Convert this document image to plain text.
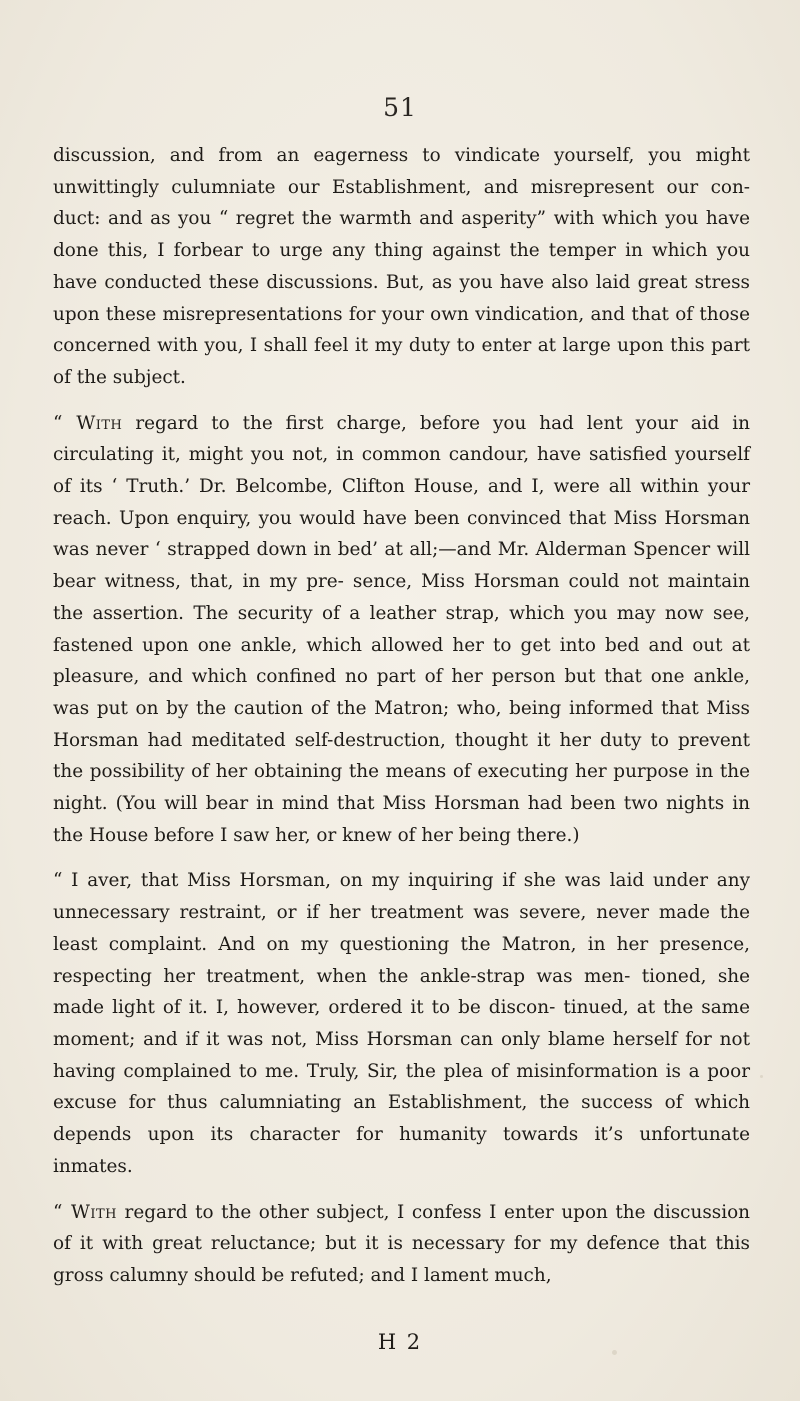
51

discussion, and from an eagerness to vindicate yourself, you might unwittingly culumniate our Establishment, and misrepresent our con- duct: and as you “ regret the warmth and asperity” with which you have done this, I forbear to urge any thing against the temper in which you have conducted these discussions. But, as you have also laid great stress upon these misrepresentations for your own vindication, and that of those concerned with you, I shall feel it my duty to enter at large upon this part of the subject.

“ With regard to the first charge, before you had lent your aid in circulating it, might you not, in common candour, have satisfied yourself of its ‘ Truth.’ Dr. Belcombe, Clifton House, and I, were all within your reach. Upon enquiry, you would have been convinced that Miss Horsman was never ‘ strapped down in bed’ at all;—and Mr. Alderman Spencer will bear witness, that, in my pre- sence, Miss Horsman could not maintain the assertion. The security of a leather strap, which you may now see, fastened upon one ankle, which allowed her to get into bed and out at pleasure, and which confined no part of her person but that one ankle, was put on by the caution of the Matron; who, being informed that Miss Horsman had meditated self-destruction, thought it her duty to prevent the possibility of her obtaining the means of executing her purpose in the night. (You will bear in mind that Miss Horsman had been two nights in the House before I saw her, or knew of her being there.)

“ I aver, that Miss Horsman, on my inquiring if she was laid under any unnecessary restraint, or if her treatment was severe, never made the least complaint. And on my questioning the Matron, in her presence, respecting her treatment, when the ankle-strap was men- tioned, she made light of it. I, however, ordered it to be discon- tinued, at the same moment; and if it was not, Miss Horsman can only blame herself for not having complained to me. Truly, Sir, the plea of misinformation is a poor excuse for thus calumniating an Establishment, the success of which depends upon its character for humanity towards it’s unfortunate inmates.

“ With regard to the other subject, I confess I enter upon the discussion of it with great reluctance; but it is necessary for my defence that this gross calumny should be refuted; and I lament much,

H 2
